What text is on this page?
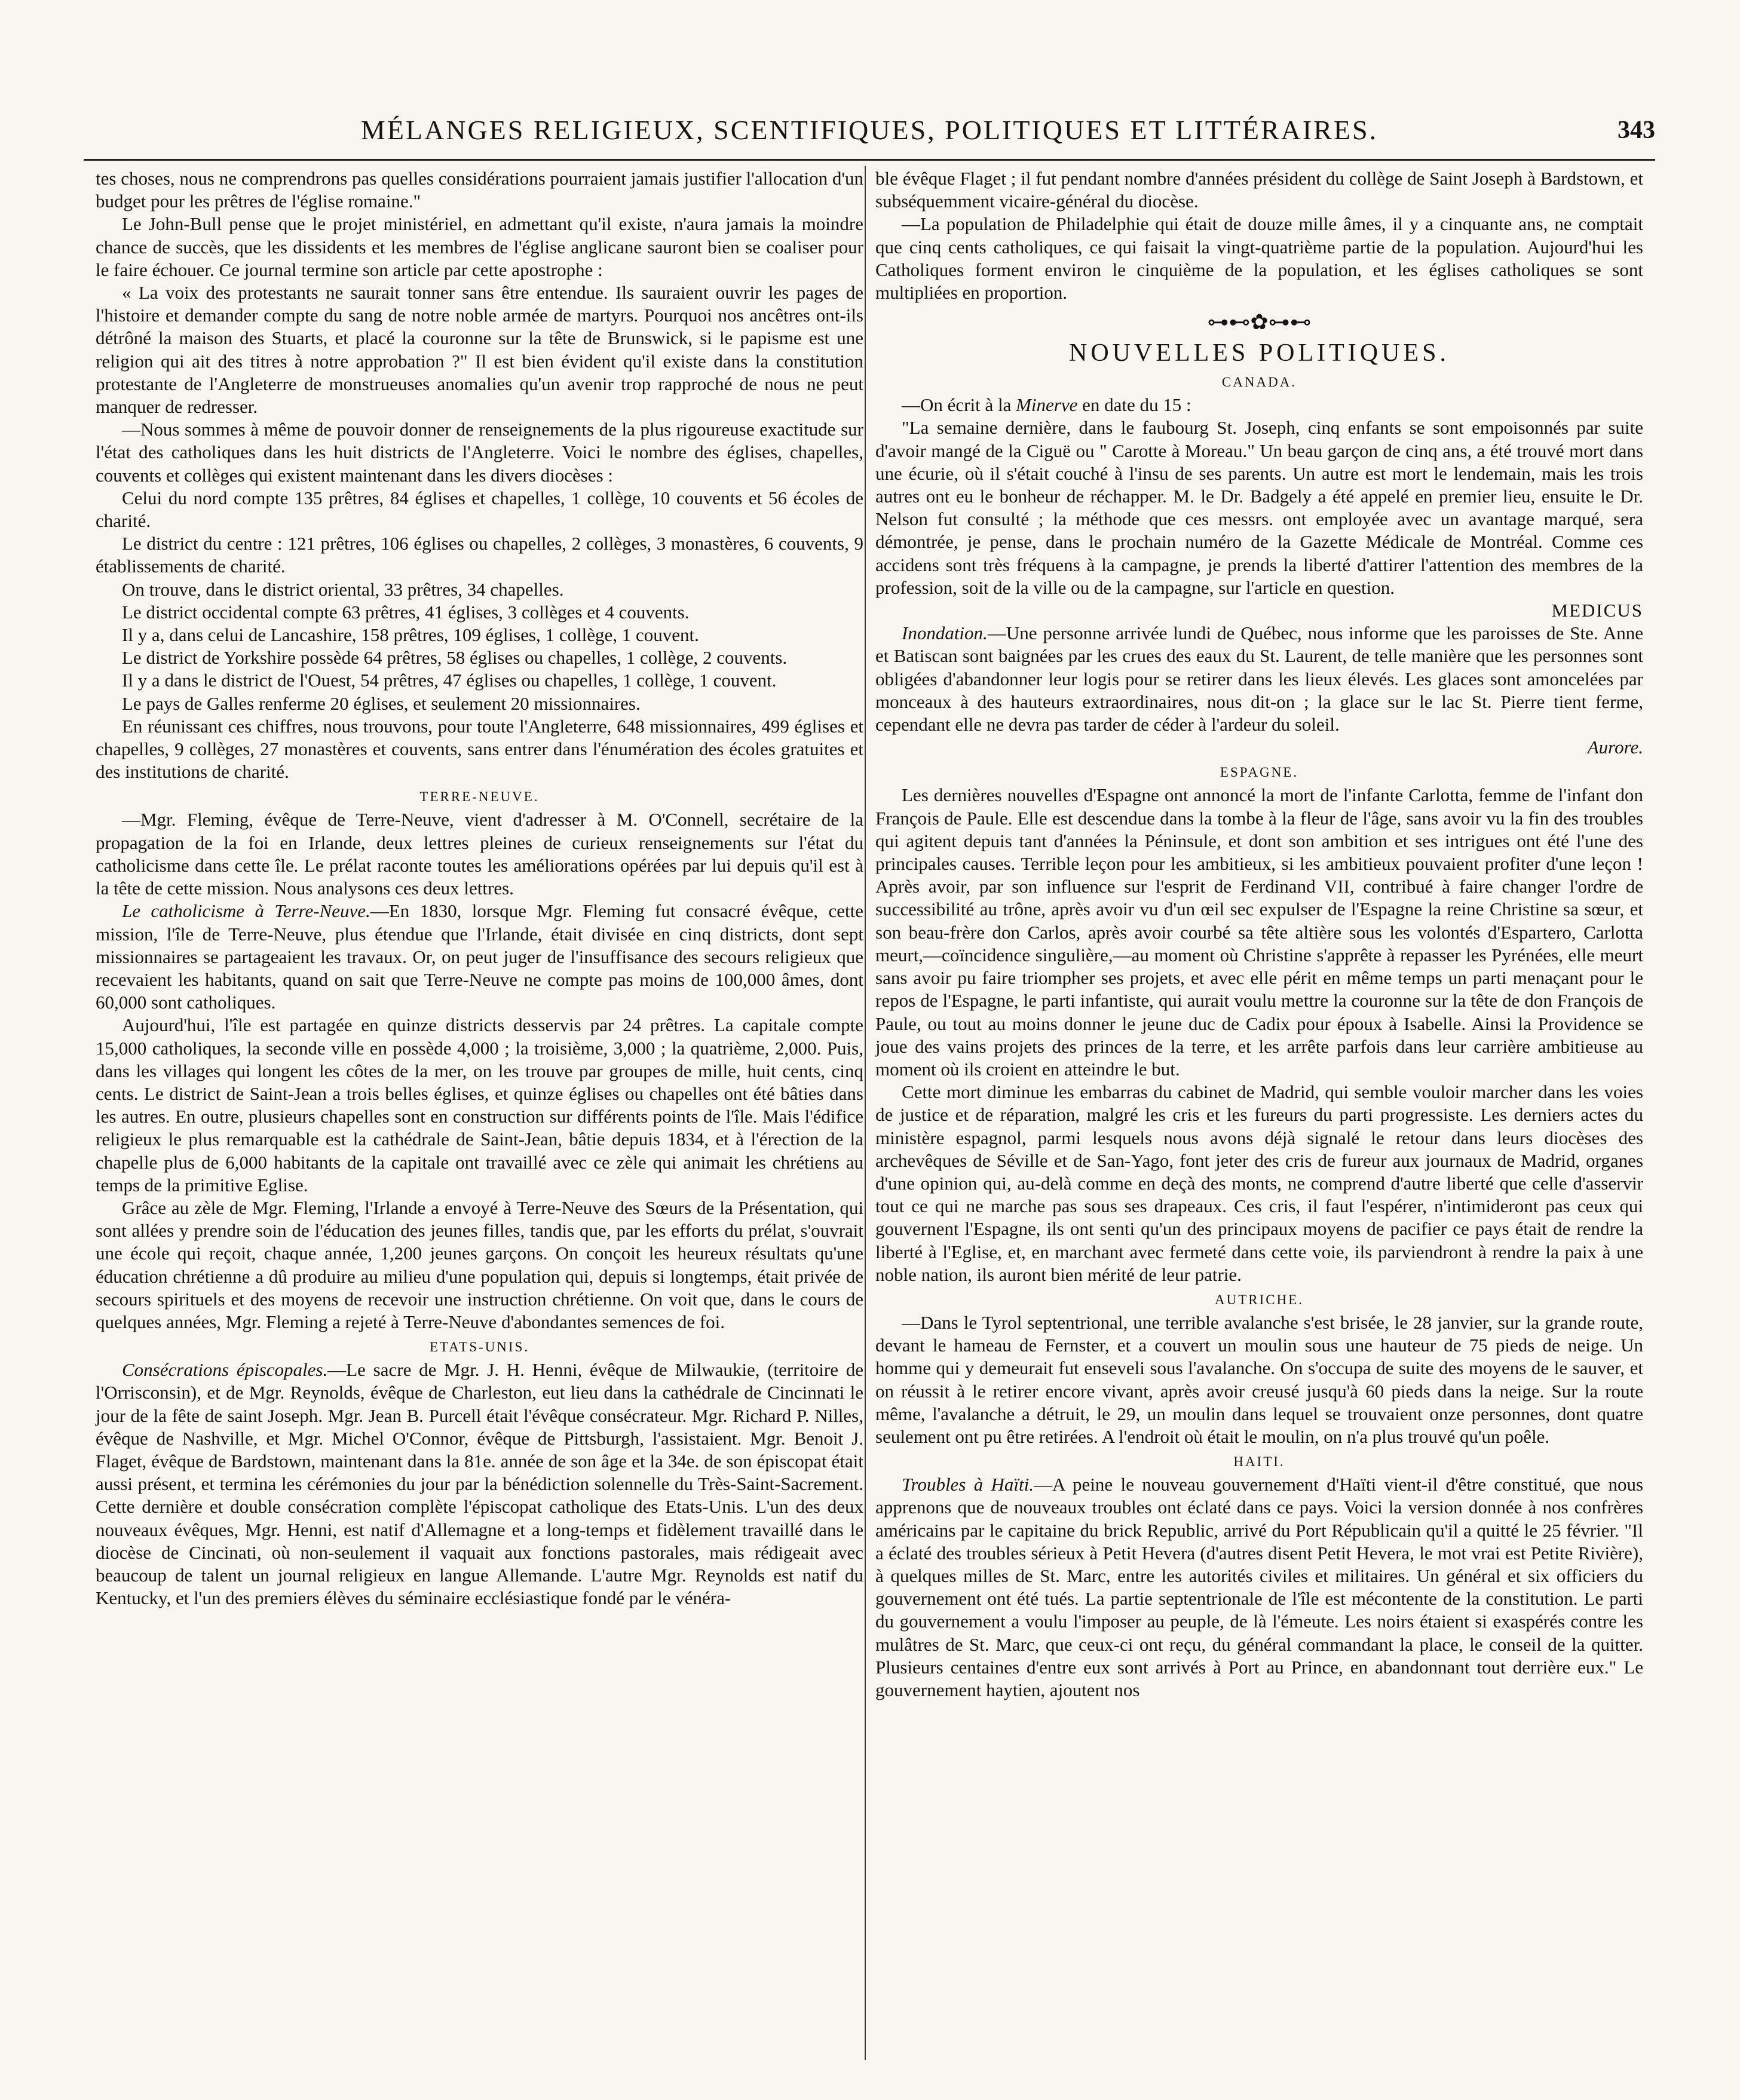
MÉLANGES RELIGIEUX, SCENTIFIQUES, POLITIQUES ET LITTÉRAIRES.	343

tes choses, nous ne comprendrons pas quelles considérations pourraient jamais justifier l'allocation d'un budget pour les prêtres de l'église romaine."

Le John-Bull pense que le projet ministériel, en admettant qu'il existe, n'aura jamais la moindre chance de succès, que les dissidents et les membres de l'église anglicane sauront bien se coaliser pour le faire échouer. Ce journal termine son article par cette apostrophe :

« La voix des protestants ne saurait tonner sans être entendue. Ils sauraient ouvrir les pages de l'histoire et demander compte du sang de notre noble armée de martyrs. Pourquoi nos ancêtres ont-ils détrôné la maison des Stuarts, et placé la couronne sur la tête de Brunswick, si le papisme est une religion qui ait des titres à notre approbation ?" Il est bien évident qu'il existe dans la constitution protestante de l'Angleterre de monstrueuses anomalies qu'un avenir trop rapproché de nous ne peut manquer de redresser.

—Nous sommes à même de pouvoir donner de renseignements de la plus rigoureuse exactitude sur l'état des catholiques dans les huit districts de l'Angleterre. Voici le nombre des églises, chapelles, couvents et collèges qui existent maintenant dans les divers diocèses :

Celui du nord compte 135 prêtres, 84 églises et chapelles, 1 collège, 10 couvents et 56 écoles de charité.

Le district du centre : 121 prêtres, 106 églises ou chapelles, 2 collèges, 3 monastères, 6 couvents, 9 établissements de charité.

On trouve, dans le district oriental, 33 prêtres, 34 chapelles.

Le district occidental compte 63 prêtres, 41 églises, 3 collèges et 4 couvents.

Il y a, dans celui de Lancashire, 158 prêtres, 109 églises, 1 collège, 1 couvent.

Le district de Yorkshire possède 64 prêtres, 58 églises ou chapelles, 1 collège, 2 couvents.

Il y a dans le district de l'Ouest, 54 prêtres, 47 églises ou chapelles, 1 collège, 1 couvent.

Le pays de Galles renferme 20 églises, et seulement 20 missionnaires.

En réunissant ces chiffres, nous trouvons, pour toute l'Angleterre, 648 missionnaires, 499 églises et chapelles, 9 collèges, 27 monastères et couvents, sans entrer dans l'énumération des écoles gratuites et des institutions de charité.

TERRE-NEUVE.

—Mgr. Fleming, évêque de Terre-Neuve, vient d'adresser à M. O'Connell, secrétaire de la propagation de la foi en Irlande, deux lettres pleines de curieux renseignements sur l'état du catholicisme dans cette île. Le prélat raconte toutes les améliorations opérées par lui depuis qu'il est à la tête de cette mission. Nous analysons ces deux lettres.

Le catholicisme à Terre-Neuve.—En 1830, lorsque Mgr. Fleming fut consacré évêque, cette mission, l'île de Terre-Neuve, plus étendue que l'Irlande, était divisée en cinq districts, dont sept missionnaires se partageaient les travaux. Or, on peut juger de l'insuffisance des secours religieux que recevaient les habitants, quand on sait que Terre-Neuve ne compte pas moins de 100,000 âmes, dont 60,000 sont catholiques.

Aujourd'hui, l'île est partagée en quinze districts desservis par 24 prêtres. La capitale compte 15,000 catholiques, la seconde ville en possède 4,000 ; la troisième, 3,000 ; la quatrième, 2,000. Puis, dans les villages qui longent les côtes de la mer, on les trouve par groupes de mille, huit cents, cinq cents. Le district de Saint-Jean a trois belles églises, et quinze églises ou chapelles ont été bâties dans les autres. En outre, plusieurs chapelles sont en construction sur différents points de l'île. Mais l'édifice religieux le plus remarquable est la cathédrale de Saint-Jean, bâtie depuis 1834, et à l'érection de la chapelle plus de 6,000 habitants de la capitale ont travaillé avec ce zèle qui animait les chrétiens au temps de la primitive Eglise.

Grâce au zèle de Mgr. Fleming, l'Irlande a envoyé à Terre-Neuve des Sœurs de la Présentation, qui sont allées y prendre soin de l'éducation des jeunes filles, tandis que, par les efforts du prélat, s'ouvrait une école qui reçoit, chaque année, 1,200 jeunes garçons. On conçoit les heureux résultats qu'une éducation chrétienne a dû produire au milieu d'une population qui, depuis si longtemps, était privée de secours spirituels et des moyens de recevoir une instruction chrétienne. On voit que, dans le cours de quelques années, Mgr. Fleming a rejeté à Terre-Neuve d'abondantes semences de foi.

ETATS-UNIS.

Consécrations épiscopales.—Le sacre de Mgr. J. H. Henni, évêque de Milwaukie, (territoire de l'Orrisconsin), et de Mgr. Reynolds, évêque de Charleston, eut lieu dans la cathédrale de Cincinnati le jour de la fête de saint Joseph. Mgr. Jean B. Purcell était l'évêque consécrateur. Mgr. Richard P. Nilles, évêque de Nashville, et Mgr. Michel O'Connor, évêque de Pittsburgh, l'assistaient. Mgr. Benoit J. Flaget, évêque de Bardstown, maintenant dans la 81e. année de son âge et la 34e. de son épiscopat était aussi présent, et termina les cérémonies du jour par la bénédiction solennelle du Très-Saint-Sacrement. Cette dernière et double consécration complète l'épiscopat catholique des Etats-Unis. L'un des deux nouveaux évêques, Mgr. Henni, est natif d'Allemagne et a long-temps et fidèlement travaillé dans le diocèse de Cincinati, où non-seulement il vaquait aux fonctions pastorales, mais rédigeait avec beaucoup de talent un journal religieux en langue Allemande. L'autre Mgr. Reynolds est natif du Kentucky, et l'un des premiers élèves du séminaire ecclésiastique fondé par le vénéra-

ble évêque Flaget ; il fut pendant nombre d'années président du collège de Saint Joseph à Bardstown, et subséquemment vicaire-général du diocèse.

—La population de Philadelphie qui était de douze mille âmes, il y a cinquante ans, ne comptait que cinq cents catholiques, ce qui faisait la vingt-quatrième partie de la population. Aujourd'hui les Catholiques forment environ le cinquième de la population, et les églises catholiques se sont multipliées en proportion.

⊶⊷✿⊶⊷
NOUVELLES POLITIQUES.
CANADA.

—On écrit à la Minerve en date du 15 :

"La semaine dernière, dans le faubourg St. Joseph, cinq enfants se sont empoisonnés par suite d'avoir mangé de la Ciguë ou " Carotte à Moreau." Un beau garçon de cinq ans, a été trouvé mort dans une écurie, où il s'était couché à l'insu de ses parents. Un autre est mort le lendemain, mais les trois autres ont eu le bonheur de réchapper. M. le Dr. Badgely a été appelé en premier lieu, ensuite le Dr. Nelson fut consulté ; la méthode que ces messrs. ont employée avec un avantage marqué, sera démontrée, je pense, dans le prochain numéro de la Gazette Médicale de Montréal. Comme ces accidens sont très fréquens à la campagne, je prends la liberté d'attirer l'attention des membres de la profession, soit de la ville ou de la campagne, sur l'article en question.

MEDICUS

Inondation.—Une personne arrivée lundi de Québec, nous informe que les paroisses de Ste. Anne et Batiscan sont baignées par les crues des eaux du St. Laurent, de telle manière que les personnes sont obligées d'abandonner leur logis pour se retirer dans les lieux élevés. Les glaces sont amoncelées par monceaux à des hauteurs extraordinaires, nous dit-on ; la glace sur le lac St. Pierre tient ferme, cependant elle ne devra pas tarder de céder à l'ardeur du soleil.

Aurore.

ESPAGNE.

Les dernières nouvelles d'Espagne ont annoncé la mort de l'infante Carlotta, femme de l'infant don François de Paule. Elle est descendue dans la tombe à la fleur de l'âge, sans avoir vu la fin des troubles qui agitent depuis tant d'années la Péninsule, et dont son ambition et ses intrigues ont été l'une des principales causes. Terrible leçon pour les ambitieux, si les ambitieux pouvaient profiter d'une leçon ! Après avoir, par son influence sur l'esprit de Ferdinand VII, contribué à faire changer l'ordre de successibilité au trône, après avoir vu d'un œil sec expulser de l'Espagne la reine Christine sa sœur, et son beau-frère don Carlos, après avoir courbé sa tête altière sous les volontés d'Espartero, Carlotta meurt,—coïncidence singulière,—au moment où Christine s'apprête à repasser les Pyrénées, elle meurt sans avoir pu faire triompher ses projets, et avec elle périt en même temps un parti menaçant pour le repos de l'Espagne, le parti infantiste, qui aurait voulu mettre la couronne sur la tête de don François de Paule, ou tout au moins donner le jeune duc de Cadix pour époux à Isabelle. Ainsi la Providence se joue des vains projets des princes de la terre, et les arrête parfois dans leur carrière ambitieuse au moment où ils croient en atteindre le but.

Cette mort diminue les embarras du cabinet de Madrid, qui semble vouloir marcher dans les voies de justice et de réparation, malgré les cris et les fureurs du parti progressiste. Les derniers actes du ministère espagnol, parmi lesquels nous avons déjà signalé le retour dans leurs diocèses des archevêques de Séville et de San-Yago, font jeter des cris de fureur aux journaux de Madrid, organes d'une opinion qui, au-delà comme en deçà des monts, ne comprend d'autre liberté que celle d'asservir tout ce qui ne marche pas sous ses drapeaux. Ces cris, il faut l'espérer, n'intimideront pas ceux qui gouvernent l'Espagne, ils ont senti qu'un des principaux moyens de pacifier ce pays était de rendre la liberté à l'Eglise, et, en marchant avec fermeté dans cette voie, ils parviendront à rendre la paix à une noble nation, ils auront bien mérité de leur patrie.

AUTRICHE.

—Dans le Tyrol septentrional, une terrible avalanche s'est brisée, le 28 janvier, sur la grande route, devant le hameau de Fernster, et a couvert un moulin sous une hauteur de 75 pieds de neige. Un homme qui y demeurait fut enseveli sous l'avalanche. On s'occupa de suite des moyens de le sauver, et on réussit à le retirer encore vivant, après avoir creusé jusqu'à 60 pieds dans la neige. Sur la route même, l'avalanche a détruit, le 29, un moulin dans lequel se trouvaient onze personnes, dont quatre seulement ont pu être retirées. A l'endroit où était le moulin, on n'a plus trouvé qu'un poêle.

HAITI.

Troubles à Haïti.—A peine le nouveau gouvernement d'Haïti vient-il d'être constitué, que nous apprenons que de nouveaux troubles ont éclaté dans ce pays. Voici la version donnée à nos confrères américains par le capitaine du brick Republic, arrivé du Port Républicain qu'il a quitté le 25 février. "Il a éclaté des troubles sérieux à Petit Hevera (d'autres disent Petit Hevera, le mot vrai est Petite Rivière), à quelques milles de St. Marc, entre les autorités civiles et militaires. Un général et six officiers du gouvernement ont été tués. La partie septentrionale de l'île est mécontente de la constitution. Le parti du gouvernement a voulu l'imposer au peuple, de là l'émeute. Les noirs étaient si exaspérés contre les mulâtres de St. Marc, que ceux-ci ont reçu, du général commandant la place, le conseil de la quitter. Plusieurs centaines d'entre eux sont arrivés à Port au Prince, en abandonnant tout derrière eux." Le gouvernement haytien, ajoutent nos
